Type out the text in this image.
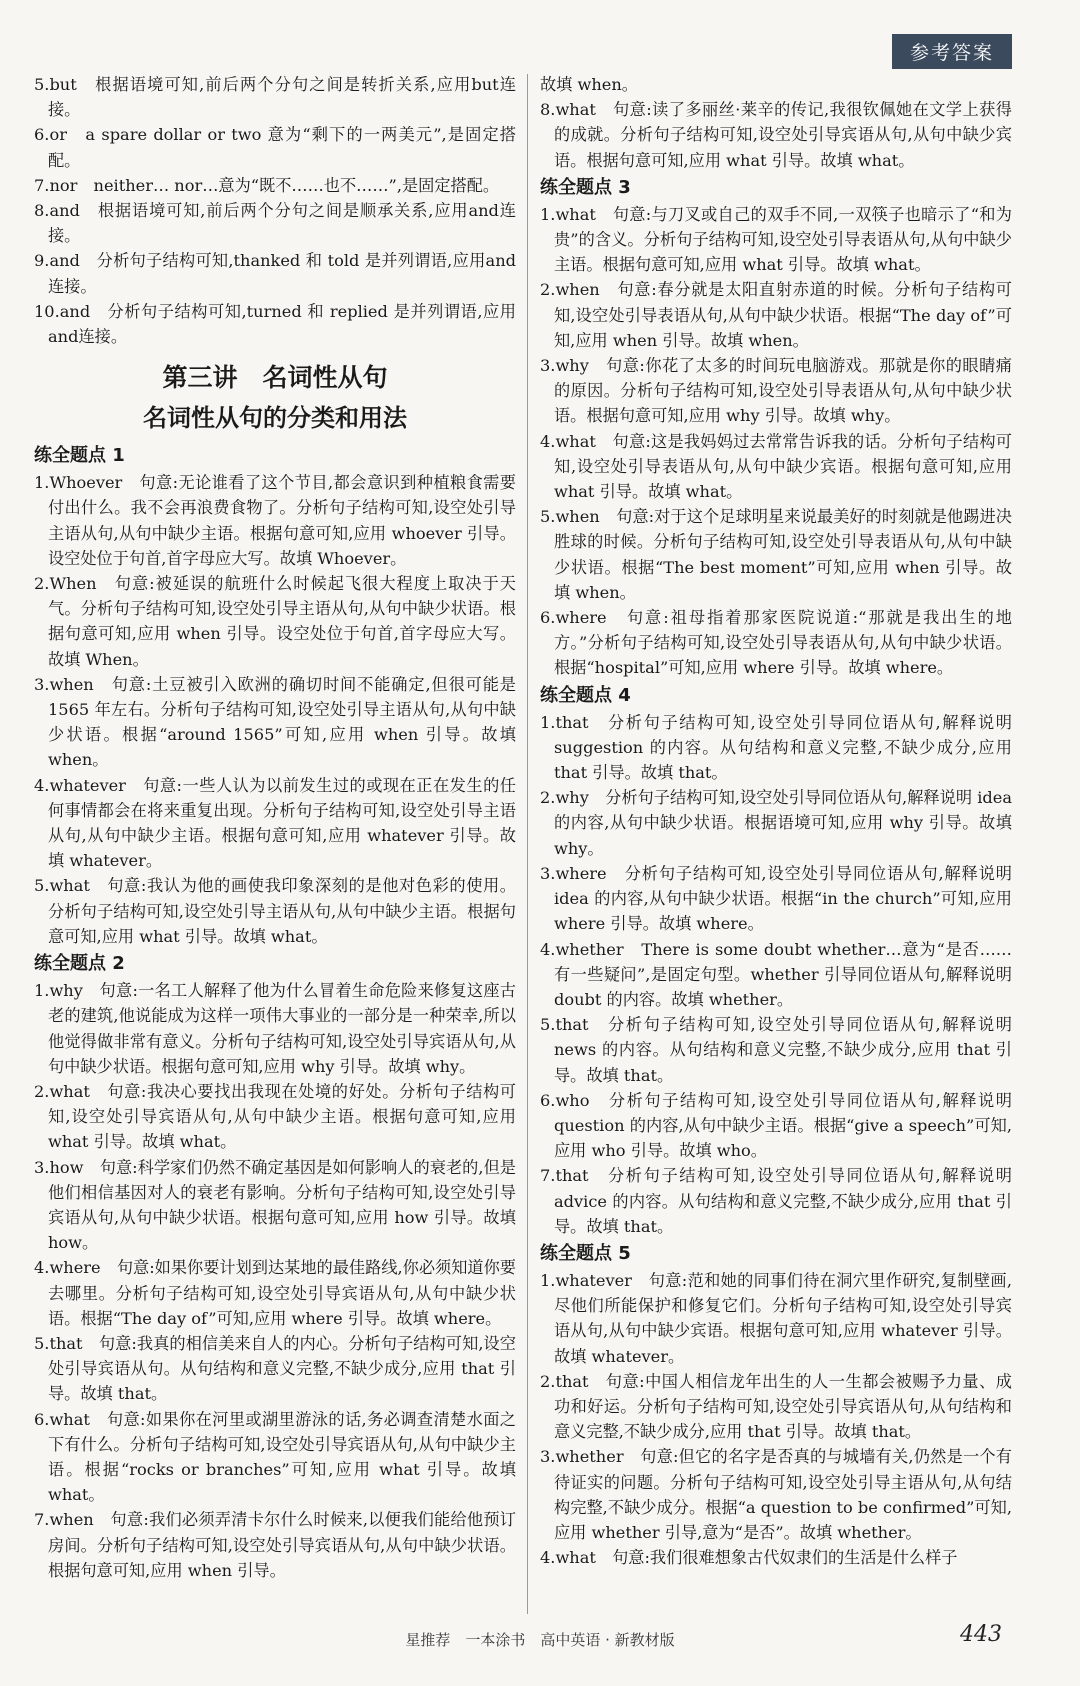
参考答案

5.but　根据语境可知,前后两个分句之间是转折关系,应用but连接。

6.or　a spare dollar or two 意为“剩下的一两美元”,是固定搭配。

7.nor　neither… nor…意为“既不……也不……”,是固定搭配。

8.and　根据语境可知,前后两个分句之间是顺承关系,应用and连接。

9.and　分析句子结构可知,thanked 和 told 是并列谓语,应用and连接。

10.and　分析句子结构可知,turned 和 replied 是并列谓语,应用and连接。

第三讲　名词性从句
名词性从句的分类和用法
练全题点 1

1.Whoever　句意:无论谁看了这个节目,都会意识到种植粮食需要付出什么。我不会再浪费食物了。分析句子结构可知,设空处引导主语从句,从句中缺少主语。根据句意可知,应用 whoever 引导。设空处位于句首,首字母应大写。故填 Whoever。

2.When　句意:被延误的航班什么时候起飞很大程度上取决于天气。分析句子结构可知,设空处引导主语从句,从句中缺少状语。根据句意可知,应用 when 引导。设空处位于句首,首字母应大写。故填 When。

3.when　句意:土豆被引入欧洲的确切时间不能确定,但很可能是 1565 年左右。分析句子结构可知,设空处引导主语从句,从句中缺少状语。根据“around 1565”可知,应用 when 引导。故填 when。

4.whatever　句意:一些人认为以前发生过的或现在正在发生的任何事情都会在将来重复出现。分析句子结构可知,设空处引导主语从句,从句中缺少主语。根据句意可知,应用 whatever 引导。故填 whatever。

5.what　句意:我认为他的画使我印象深刻的是他对色彩的使用。分析句子结构可知,设空处引导主语从句,从句中缺少主语。根据句意可知,应用 what 引导。故填 what。

练全题点 2

1.why　句意:一名工人解释了他为什么冒着生命危险来修复这座古老的建筑,他说能成为这样一项伟大事业的一部分是一种荣幸,所以他觉得做非常有意义。分析句子结构可知,设空处引导宾语从句,从句中缺少状语。根据句意可知,应用 why 引导。故填 why。

2.what　句意:我决心要找出我现在处境的好处。分析句子结构可知,设空处引导宾语从句,从句中缺少主语。根据句意可知,应用 what 引导。故填 what。

3.how　句意:科学家们仍然不确定基因是如何影响人的衰老的,但是他们相信基因对人的衰老有影响。分析句子结构可知,设空处引导宾语从句,从句中缺少状语。根据句意可知,应用 how 引导。故填 how。

4.where　句意:如果你要计划到达某地的最佳路线,你必须知道你要去哪里。分析句子结构可知,设空处引导宾语从句,从句中缺少状语。根据“The day of”可知,应用 where 引导。故填 where。

5.that　句意:我真的相信美来自人的内心。分析句子结构可知,设空处引导宾语从句。从句结构和意义完整,不缺少成分,应用 that 引导。故填 that。

6.what　句意:如果你在河里或湖里游泳的话,务必调查清楚水面之下有什么。分析句子结构可知,设空处引导宾语从句,从句中缺少主语。根据“rocks or branches”可知,应用 what 引导。故填 what。

7.when　句意:我们必须弄清卡尔什么时候来,以便我们能给他预订房间。分析句子结构可知,设空处引导宾语从句,从句中缺少状语。根据句意可知,应用 when 引导。

故填 when。

8.what　句意:读了多丽丝·莱辛的传记,我很钦佩她在文学上获得的成就。分析句子结构可知,设空处引导宾语从句,从句中缺少宾语。根据句意可知,应用 what 引导。故填 what。

练全题点 3

1.what　句意:与刀叉或自己的双手不同,一双筷子也暗示了“和为贵”的含义。分析句子结构可知,设空处引导表语从句,从句中缺少主语。根据句意可知,应用 what 引导。故填 what。

2.when　句意:春分就是太阳直射赤道的时候。分析句子结构可知,设空处引导表语从句,从句中缺少状语。根据“The day of”可知,应用 when 引导。故填 when。

3.why　句意:你花了太多的时间玩电脑游戏。那就是你的眼睛痛的原因。分析句子结构可知,设空处引导表语从句,从句中缺少状语。根据句意可知,应用 why 引导。故填 why。

4.what　句意:这是我妈妈过去常常告诉我的话。分析句子结构可知,设空处引导表语从句,从句中缺少宾语。根据句意可知,应用 what 引导。故填 what。

5.when　句意:对于这个足球明星来说最美好的时刻就是他踢进决胜球的时候。分析句子结构可知,设空处引导表语从句,从句中缺少状语。根据“The best moment”可知,应用 when 引导。故填 when。

6.where　句意:祖母指着那家医院说道:“那就是我出生的地方。”分析句子结构可知,设空处引导表语从句,从句中缺少状语。根据“hospital”可知,应用 where 引导。故填 where。

练全题点 4

1.that　分析句子结构可知,设空处引导同位语从句,解释说明 suggestion 的内容。从句结构和意义完整,不缺少成分,应用 that 引导。故填 that。

2.why　分析句子结构可知,设空处引导同位语从句,解释说明 idea 的内容,从句中缺少状语。根据语境可知,应用 why 引导。故填 why。

3.where　分析句子结构可知,设空处引导同位语从句,解释说明 idea 的内容,从句中缺少状语。根据“in the church”可知,应用 where 引导。故填 where。

4.whether　There is some doubt whether…意为“是否……有一些疑问”,是固定句型。whether 引导同位语从句,解释说明 doubt 的内容。故填 whether。

5.that　分析句子结构可知,设空处引导同位语从句,解释说明 news 的内容。从句结构和意义完整,不缺少成分,应用 that 引导。故填 that。

6.who　分析句子结构可知,设空处引导同位语从句,解释说明 question 的内容,从句中缺少主语。根据“give a speech”可知,应用 who 引导。故填 who。

7.that　分析句子结构可知,设空处引导同位语从句,解释说明 advice 的内容。从句结构和意义完整,不缺少成分,应用 that 引导。故填 that。

练全题点 5

1.whatever　句意:范和她的同事们待在洞穴里作研究,复制壁画,尽他们所能保护和修复它们。分析句子结构可知,设空处引导宾语从句,从句中缺少宾语。根据句意可知,应用 whatever 引导。故填 whatever。

2.that　句意:中国人相信龙年出生的人一生都会被赐予力量、成功和好运。分析句子结构可知,设空处引导宾语从句,从句结构和意义完整,不缺少成分,应用 that 引导。故填 that。

3.whether　句意:但它的名字是否真的与城墙有关,仍然是一个有待证实的问题。分析句子结构可知,设空处引导主语从句,从句结构完整,不缺少成分。根据“a question to be confirmed”可知,应用 whether 引导,意为“是否”。故填 whether。

4.what　句意:我们很难想象古代奴隶们的生活是什么样子

星推荐　一本涂书　高中英语 · 新教材版	443
